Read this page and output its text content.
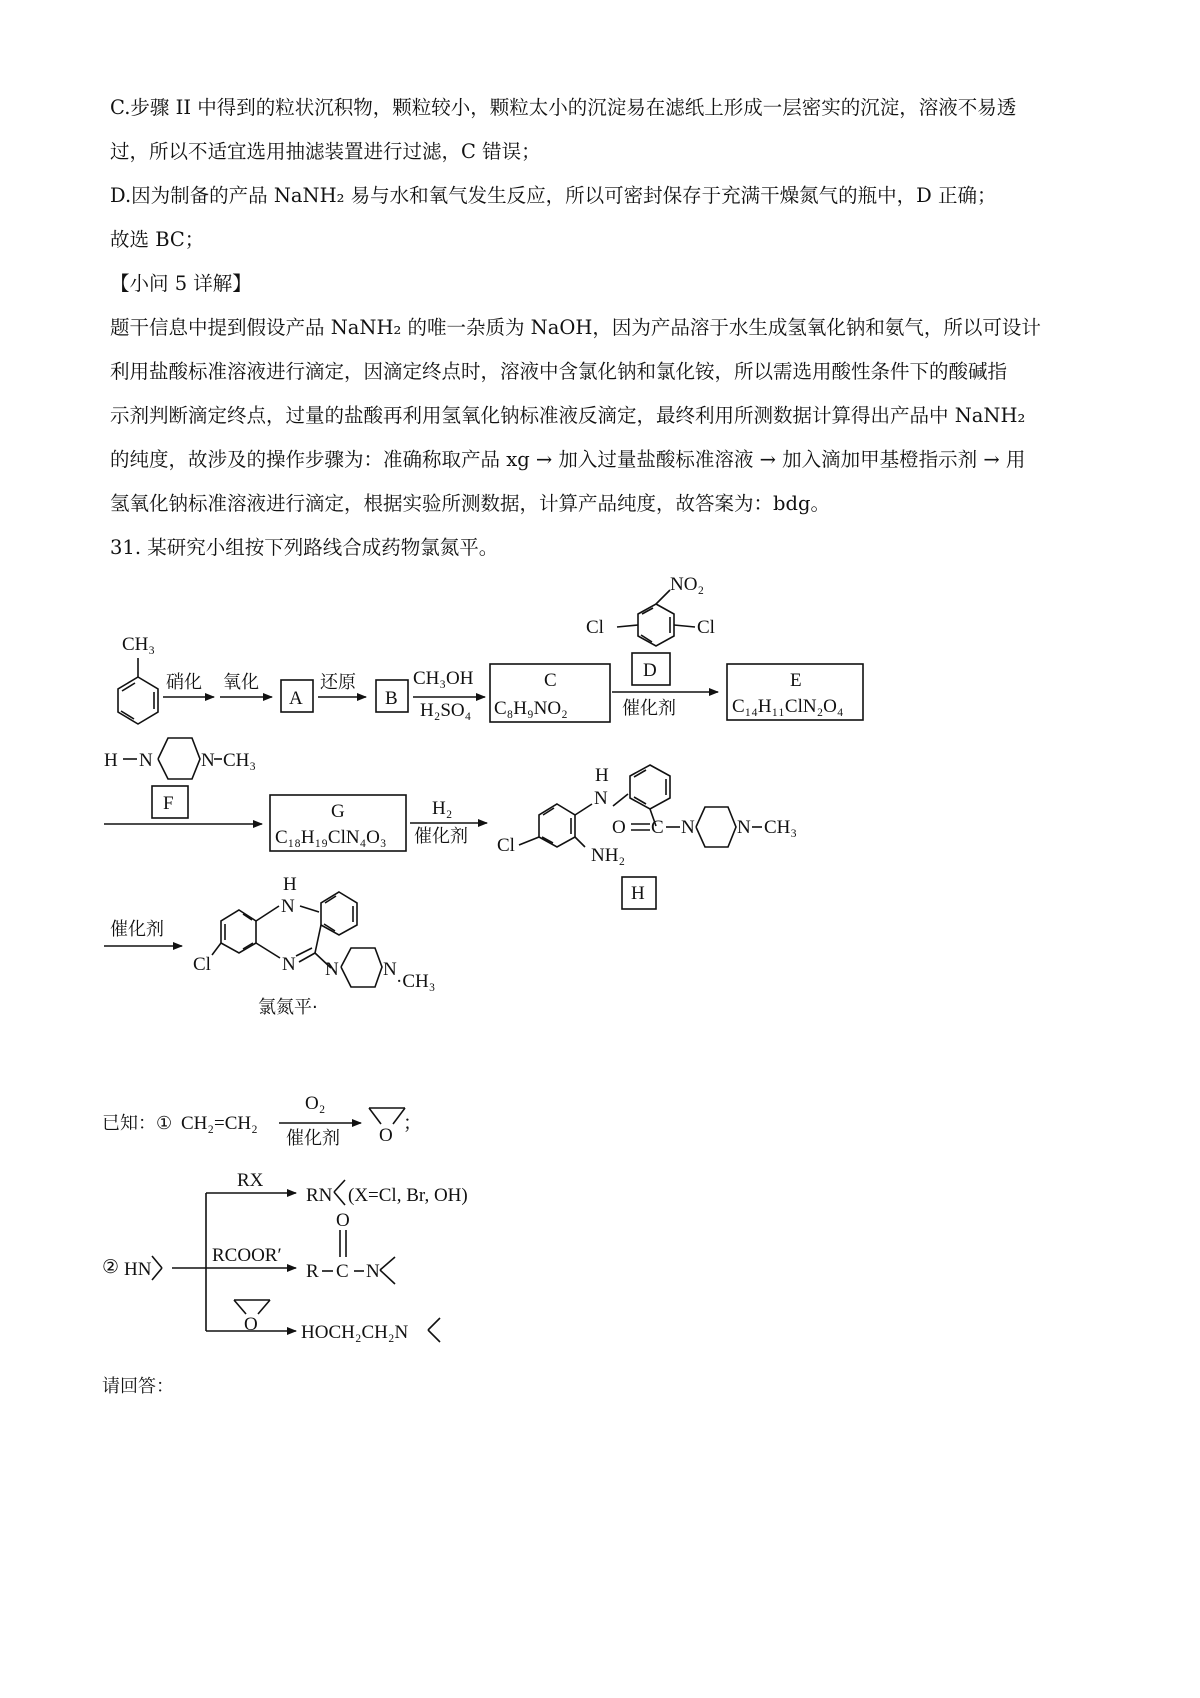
C.步骤 II 中得到的粒状沉积物，颗粒较小，颗粒太小的沉淀易在滤纸上形成一层密实的沉淀，溶液不易透
过，所以不适宜选用抽滤装置进行过滤，C 错误；
D.因为制备的产品 NaNH₂ 易与水和氧气发生反应，所以可密封保存于充满干燥氮气的瓶中，D 正确；
故选 BC；
【小问 5 详解】
题干信息中提到假设产品 NaNH₂ 的唯一杂质为 NaOH，因为产品溶于水生成氢氧化钠和氨气，所以可设计
利用盐酸标准溶液进行滴定，因滴定终点时，溶液中含氯化钠和氯化铵，所以需选用酸性条件下的酸碱指
示剂判断滴定终点，过量的盐酸再利用氢氧化钠标准液反滴定，最终利用所测数据计算得出产品中 NaNH₂
的纯度，故涉及的操作步骤为：准确称取产品 xg → 加入过量盐酸标准溶液 → 加入滴加甲基橙指示剂 → 用
氢氧化钠标准溶液进行滴定，根据实验所测数据，计算产品纯度，故答案为：bdg。
31. 某研究小组按下列路线合成药物氯氮平。
CH₃
硝化 氧化
A
还原
B
CH₃OH
H₂SO₄
C
C₈H₉NO₂
NO₂
Cl	Cl
D
催化剂
E
C₁₄H₁₁ClN₂O₄
H N	N CH₃
F	G
C₁₈H₁₉ClN₄O₃
H₂
催化剂
H
N
Cl	NH₂
O C N N CH₃
H
催化剂
H
N
Cl	N N N
·CH₃
氯氮平·
已知：① CH₂=CH₂
O₂
催化剂 O
；
② HN
RX
RN (X=Cl, Br, OH)
RCOOR′
R
O
C N
O HOCH₂CH₂N
请回答：
